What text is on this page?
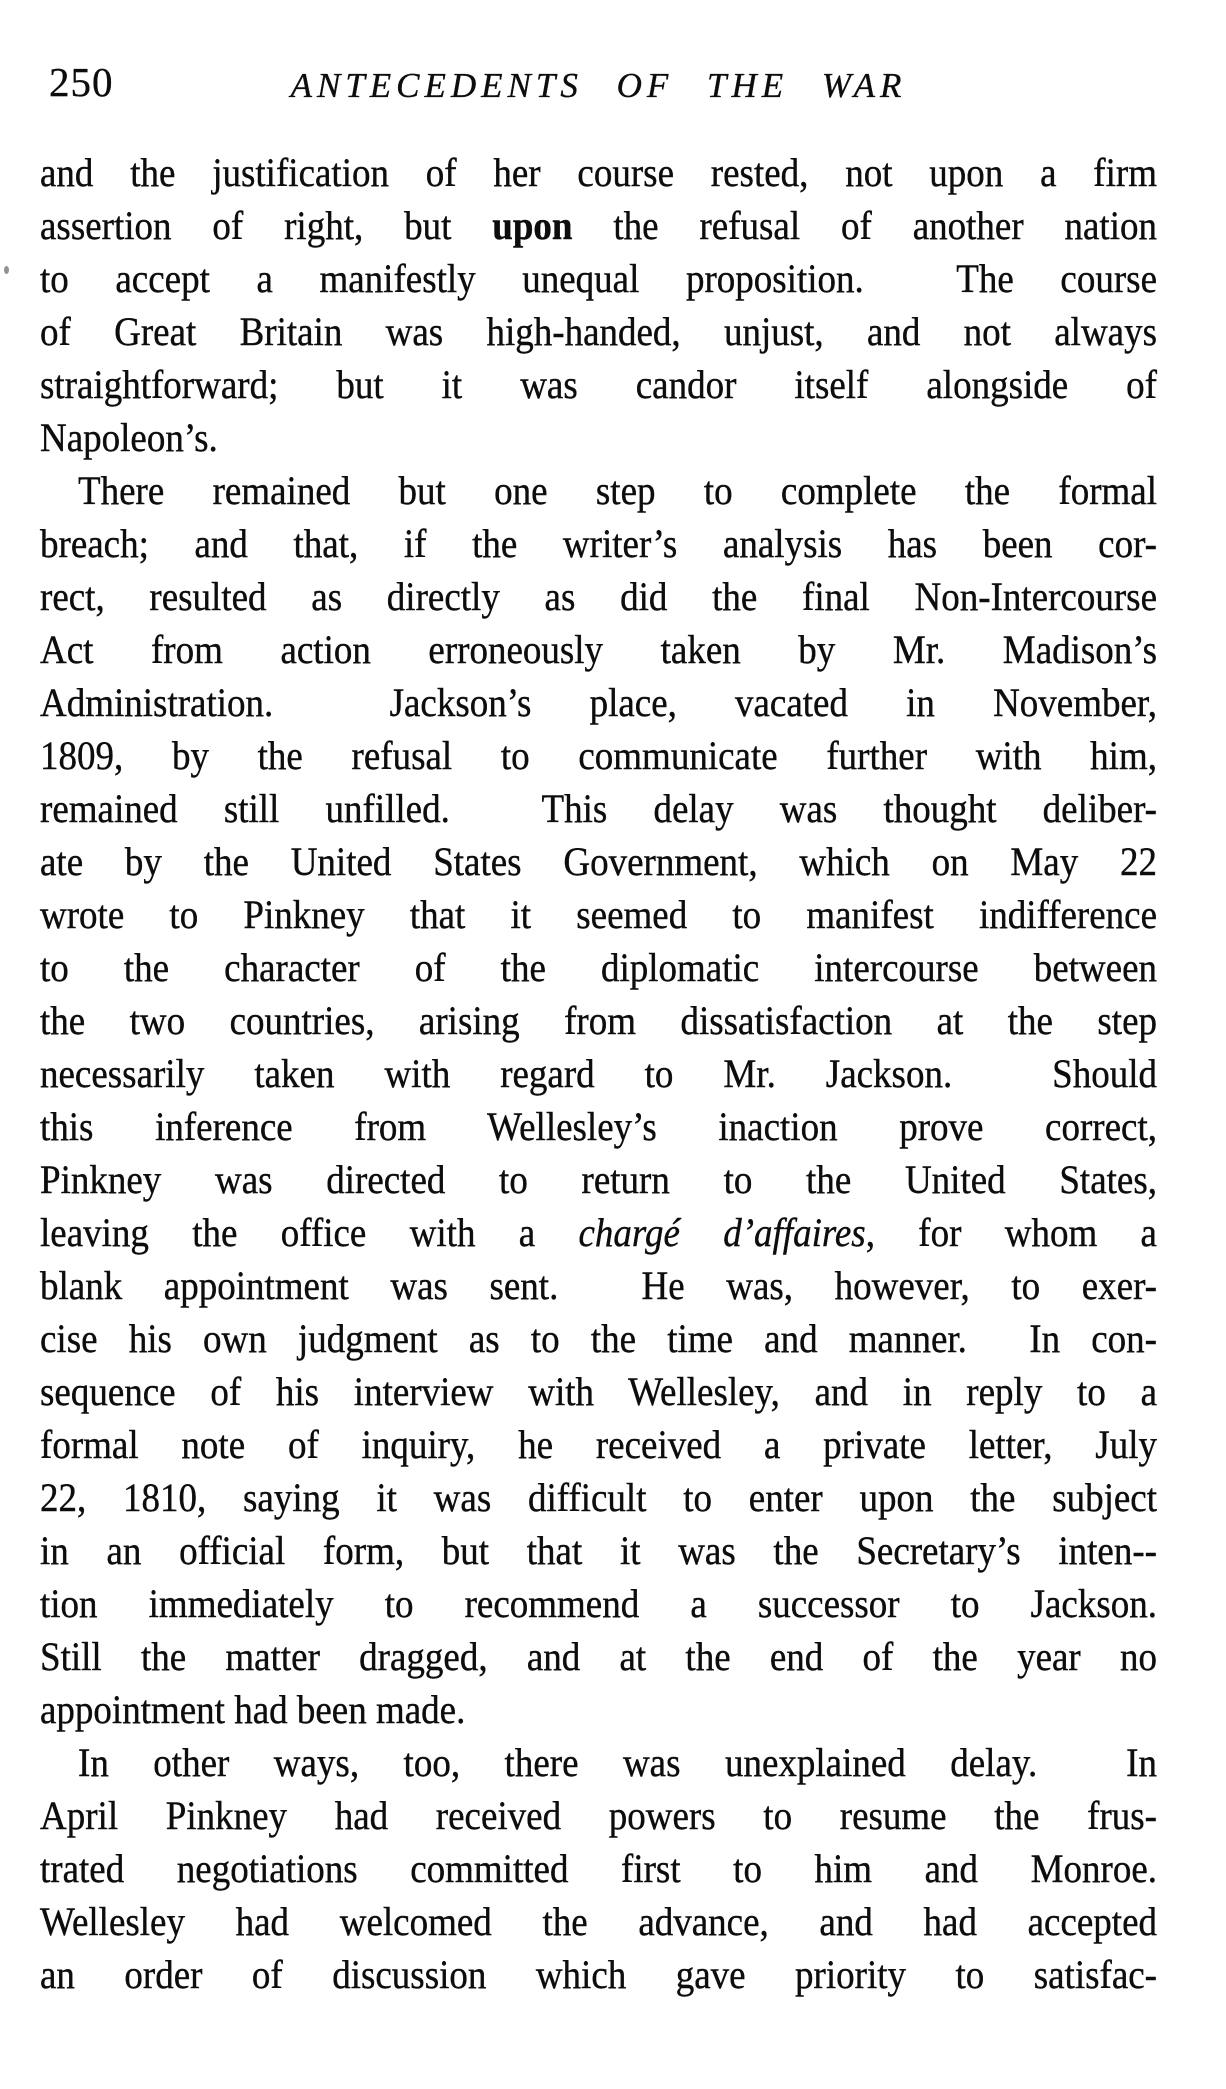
250	ANTECEDENTS OF THE WAR
and the justification of her course rested, not upon a firm
assertion of right, but upon the refusal of another nation
to accept a manifestly unequal proposition.  The course
of Great Britain was high-handed, unjust, and not always
straightforward; but it was candor itself alongside of
Napoleon’s.
There remained but one step to complete the formal
breach; and that, if the writer’s analysis has been cor-
rect, resulted as directly as did the final Non-Intercourse
Act from action erroneously taken by Mr. Madison’s
Administration.  Jackson’s place, vacated in November,
1809, by the refusal to communicate further with him,
remained still unfilled.  This delay was thought deliber-
ate by the United States Government, which on May 22
wrote to Pinkney that it seemed to manifest indifference
to the character of the diplomatic intercourse between
the two countries, arising from dissatisfaction at the step
necessarily taken with regard to Mr. Jackson.  Should
this inference from Wellesley’s inaction prove correct,
Pinkney was directed to return to the United States,
leaving the office with a chargé d’affaires, for whom a
blank appointment was sent.  He was, however, to exer-
cise his own judgment as to the time and manner.  In con-
sequence of his interview with Wellesley, and in reply to a
formal note of inquiry, he received a private letter, July
22, 1810, saying it was difficult to enter upon the subject
in an official form, but that it was the Secretary’s inten--
tion immediately to recommend a successor to Jackson.
Still the matter dragged, and at the end of the year no
appointment had been made.
In other ways, too, there was unexplained delay.  In
April Pinkney had received powers to resume the frus-
trated negotiations committed first to him and Monroe.
Wellesley had welcomed the advance, and had accepted
an order of discussion which gave priority to satisfac-
